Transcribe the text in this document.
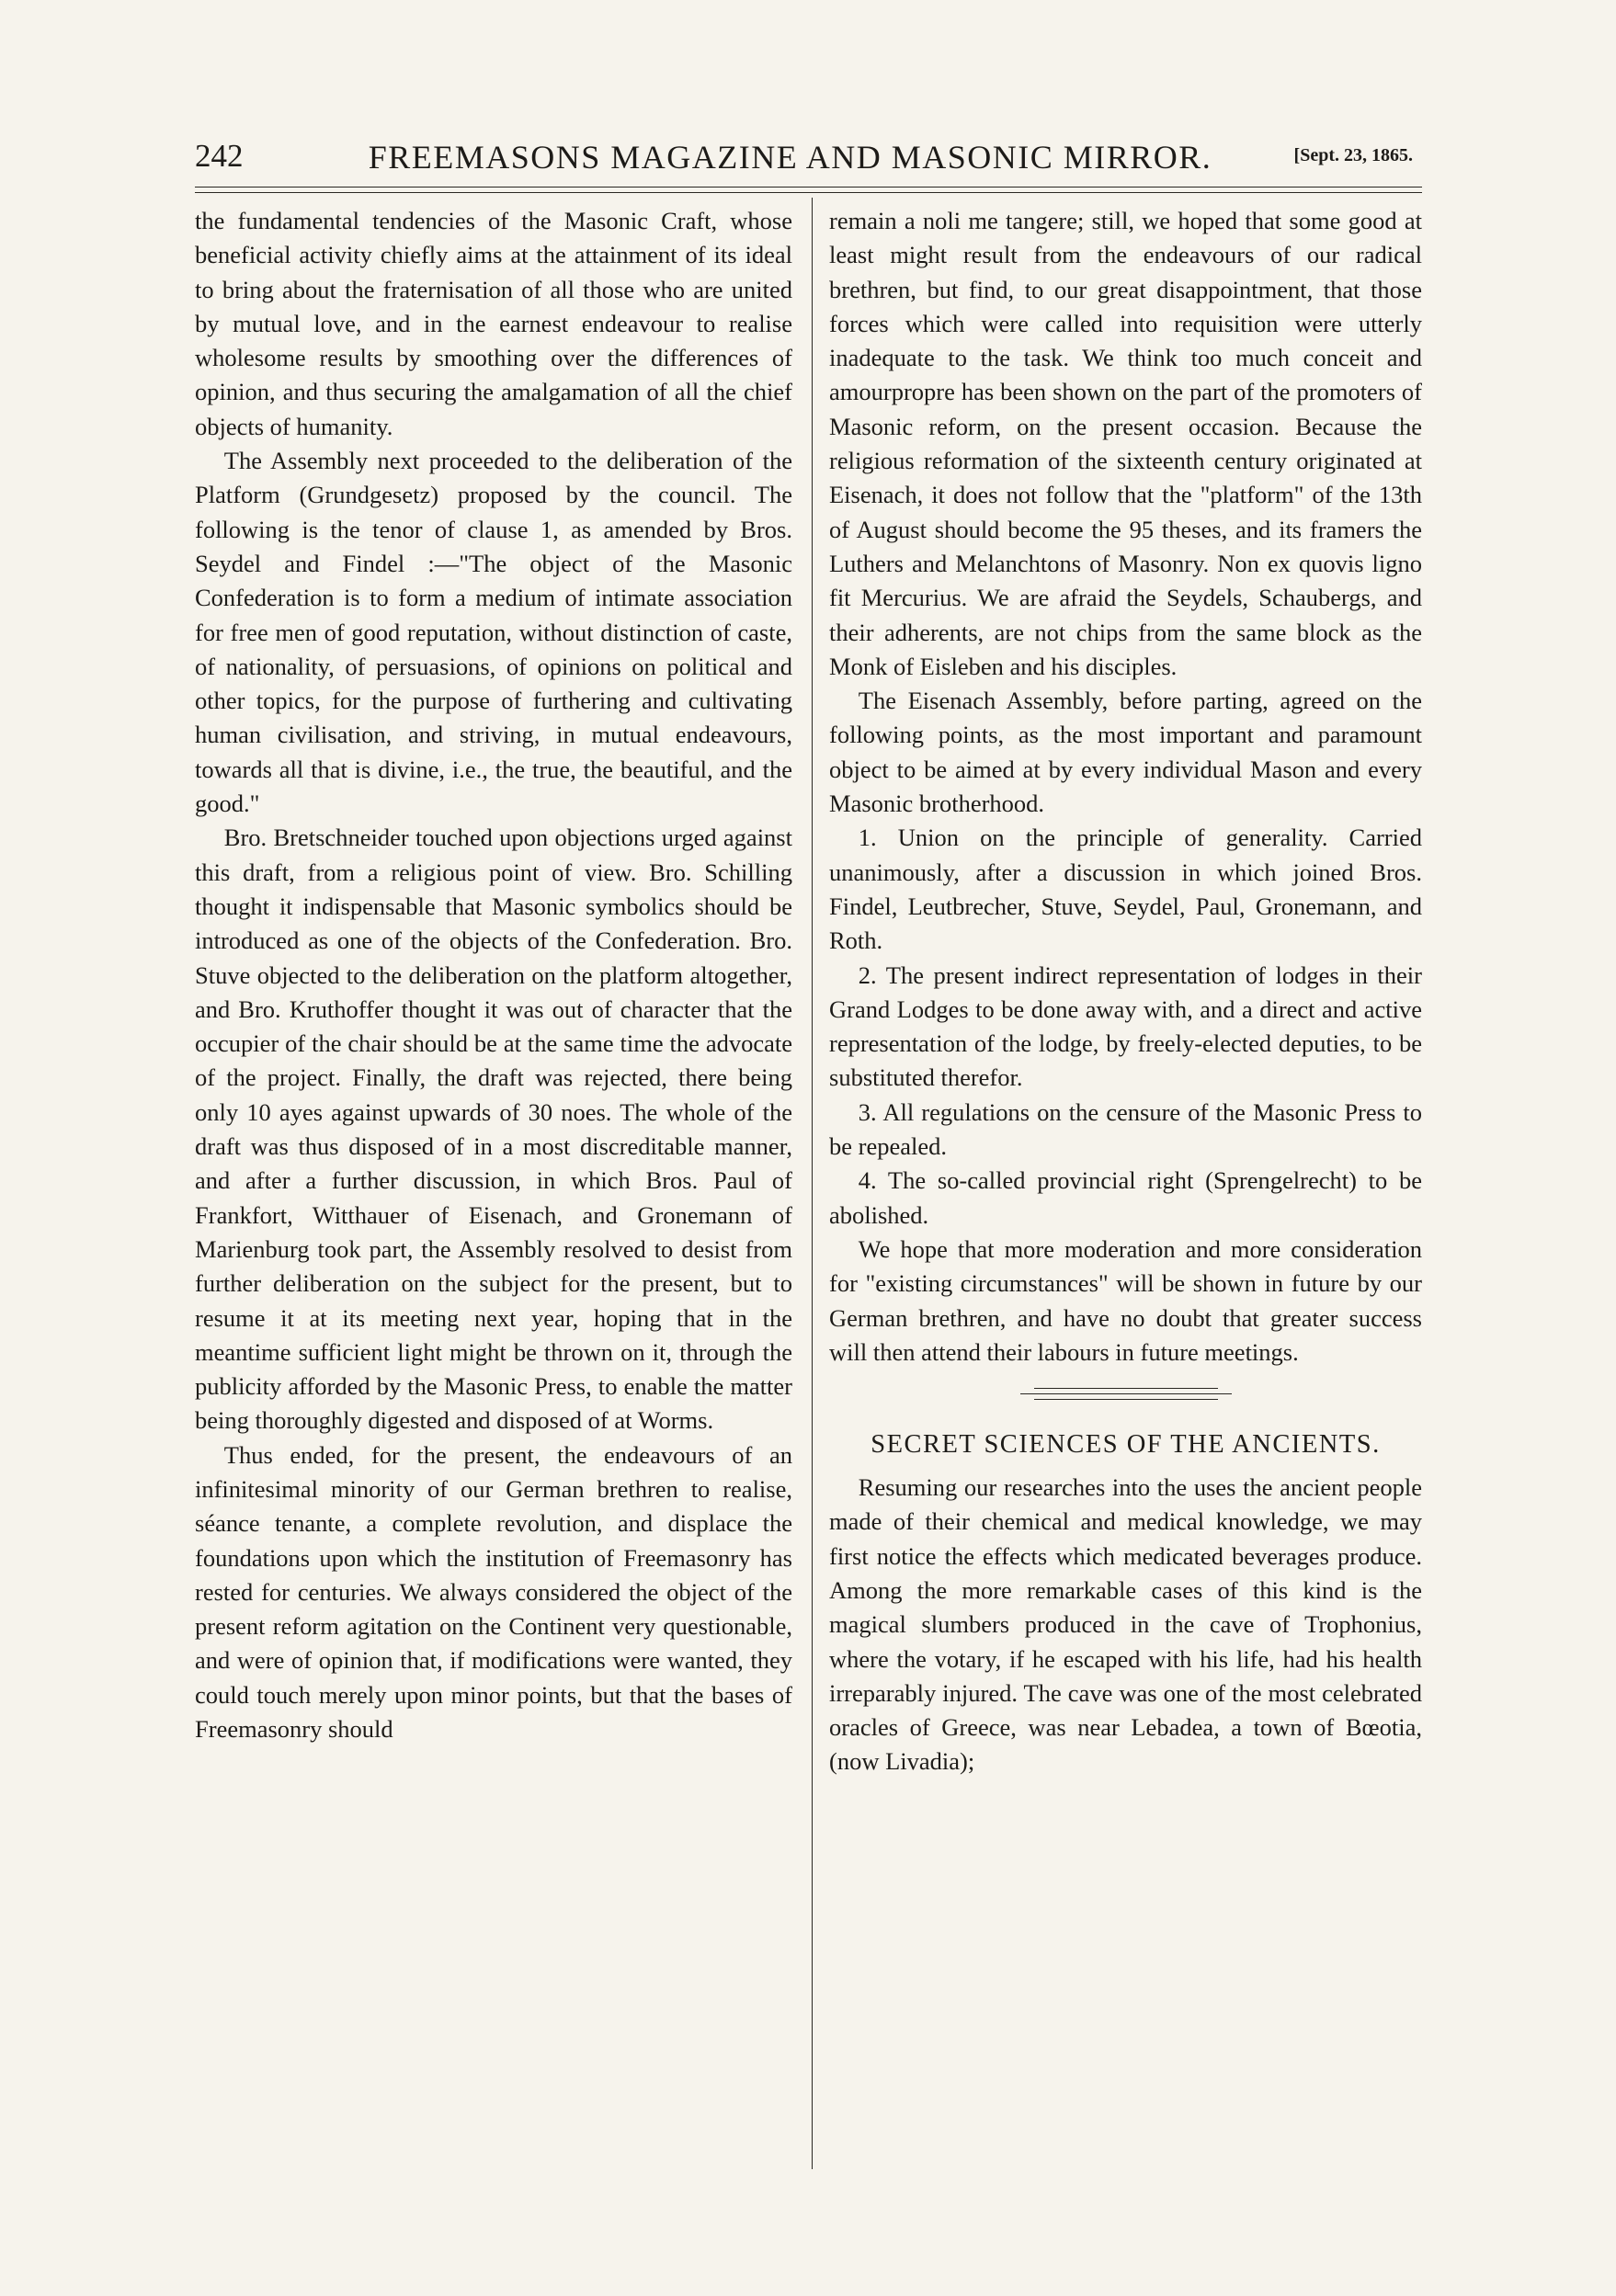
242	FREEMASONS MAGAZINE AND MASONIC MIRROR.	[Sept. 23, 1865.

the fundamental tendencies of the Masonic Craft, whose beneficial activity chiefly aims at the attainment of its ideal to bring about the fraternisation of all those who are united by mutual love, and in the earnest endeavour to realise wholesome results by smoothing over the differences of opinion, and thus securing the amalgamation of all the chief objects of humanity.

The Assembly next proceeded to the deliberation of the Platform (Grundgesetz) proposed by the council. The following is the tenor of clause 1, as amended by Bros. Seydel and Findel :—"The object of the Masonic Confederation is to form a medium of intimate association for free men of good reputation, without distinction of caste, of nationality, of persuasions, of opinions on political and other topics, for the purpose of furthering and cultivating human civilisation, and striving, in mutual endeavours, towards all that is divine, i.e., the true, the beautiful, and the good."

Bro. Bretschneider touched upon objections urged against this draft, from a religious point of view. Bro. Schilling thought it indispensable that Masonic symbolics should be introduced as one of the objects of the Confederation. Bro. Stuve objected to the deliberation on the platform altogether, and Bro. Kruthoffer thought it was out of character that the occupier of the chair should be at the same time the advocate of the project. Finally, the draft was rejected, there being only 10 ayes against upwards of 30 noes. The whole of the draft was thus disposed of in a most discreditable manner, and after a further discussion, in which Bros. Paul of Frankfort, Witthauer of Eisenach, and Gronemann of Marienburg took part, the Assembly resolved to desist from further deliberation on the subject for the present, but to resume it at its meeting next year, hoping that in the meantime sufficient light might be thrown on it, through the publicity afforded by the Masonic Press, to enable the matter being thoroughly digested and disposed of at Worms.

Thus ended, for the present, the endeavours of an infinitesimal minority of our German brethren to realise, séance tenante, a complete revolution, and displace the foundations upon which the institution of Freemasonry has rested for centuries. We always considered the object of the present reform agitation on the Continent very questionable, and were of opinion that, if modifications were wanted, they could touch merely upon minor points, but that the bases of Freemasonry should

remain a noli me tangere; still, we hoped that some good at least might result from the endeavours of our radical brethren, but find, to our great disappointment, that those forces which were called into requisition were utterly inadequate to the task. We think too much conceit and amourpropre has been shown on the part of the promoters of Masonic reform, on the present occasion. Because the religious reformation of the sixteenth century originated at Eisenach, it does not follow that the "platform" of the 13th of August should become the 95 theses, and its framers the Luthers and Melanchtons of Masonry. Non ex quovis ligno fit Mercurius. We are afraid the Seydels, Schaubergs, and their adherents, are not chips from the same block as the Monk of Eisleben and his disciples.

The Eisenach Assembly, before parting, agreed on the following points, as the most important and paramount object to be aimed at by every individual Mason and every Masonic brotherhood.

1. Union on the principle of generality. Carried unanimously, after a discussion in which joined Bros. Findel, Leutbrecher, Stuve, Seydel, Paul, Gronemann, and Roth.

2. The present indirect representation of lodges in their Grand Lodges to be done away with, and a direct and active representation of the lodge, by freely-elected deputies, to be substituted therefor.

3. All regulations on the censure of the Masonic Press to be repealed.

4. The so-called provincial right (Sprengelrecht) to be abolished.

We hope that more moderation and more consideration for "existing circumstances" will be shown in future by our German brethren, and have no doubt that greater success will then attend their labours in future meetings.

SECRET SCIENCES OF THE ANCIENTS.

Resuming our researches into the uses the ancient people made of their chemical and medical knowledge, we may first notice the effects which medicated beverages produce. Among the more remarkable cases of this kind is the magical slumbers produced in the cave of Trophonius, where the votary, if he escaped with his life, had his health irreparably injured. The cave was one of the most celebrated oracles of Greece, was near Lebadea, a town of Bœotia, (now Livadia);
